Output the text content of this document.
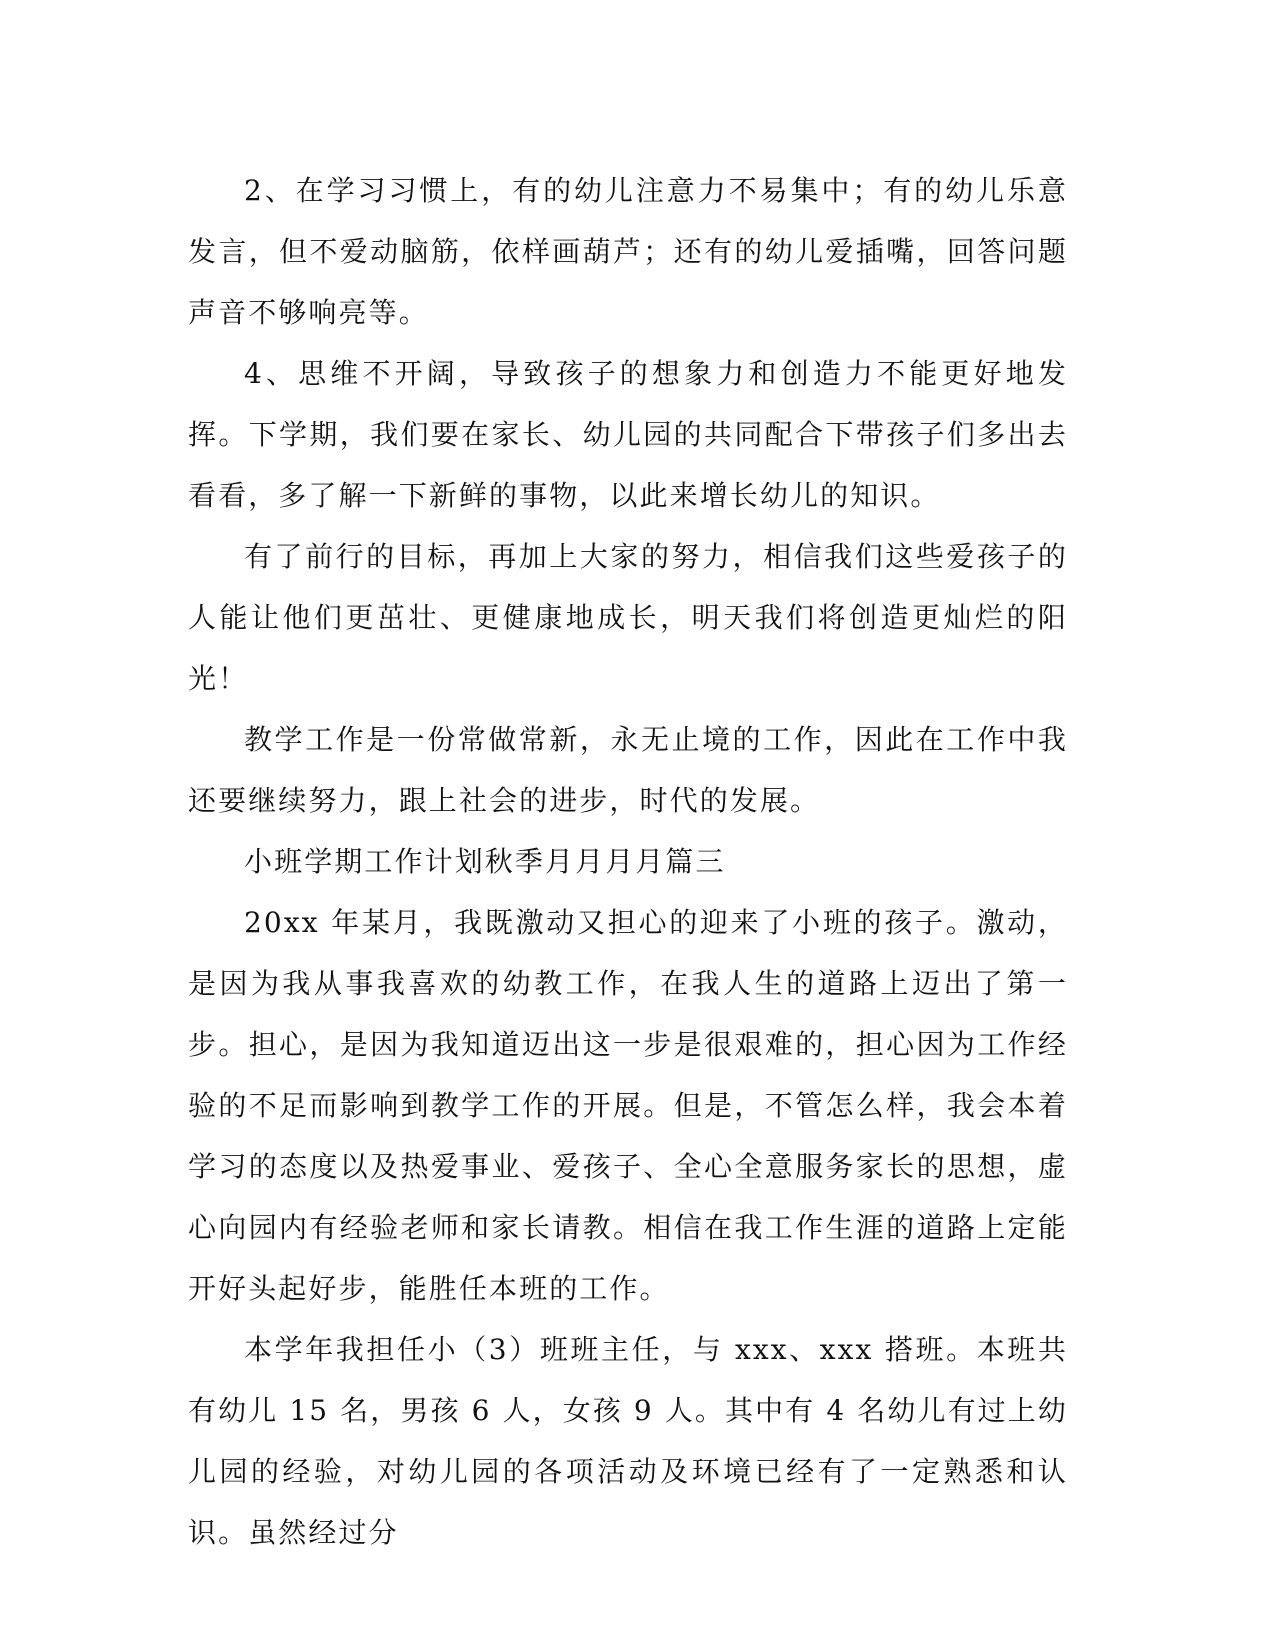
2、在学习习惯上，有的幼儿注意力不易集中；有的幼儿乐意发言，但不爱动脑筋，依样画葫芦；还有的幼儿爱插嘴，回答问题声音不够响亮等。

4、思维不开阔，导致孩子的想象力和创造力不能更好地发挥。下学期，我们要在家长、幼儿园的共同配合下带孩子们多出去看看，多了解一下新鲜的事物，以此来增长幼儿的知识。

有了前行的目标，再加上大家的努力，相信我们这些爱孩子的人能让他们更茁壮、更健康地成长，明天我们将创造更灿烂的阳光！

教学工作是一份常做常新，永无止境的工作，因此在工作中我还要继续努力，跟上社会的进步，时代的发展。

小班学期工作计划秋季月月月月篇三

20xx 年某月，我既激动又担心的迎来了小班的孩子。激动，是因为我从事我喜欢的幼教工作，在我人生的道路上迈出了第一步。担心，是因为我知道迈出这一步是很艰难的，担心因为工作经验的不足而影响到教学工作的开展。但是，不管怎么样，我会本着学习的态度以及热爱事业、爱孩子、全心全意服务家长的思想，虚心向园内有经验老师和家长请教。相信在我工作生涯的道路上定能开好头起好步，能胜任本班的工作。

本学年我担任小（3）班班主任，与 xxx、xxx 搭班。本班共有幼儿 15 名，男孩 6 人，女孩 9 人。其中有 4 名幼儿有过上幼儿园的经验，对幼儿园的各项活动及环境已经有了一定熟悉和认识。虽然经过分
